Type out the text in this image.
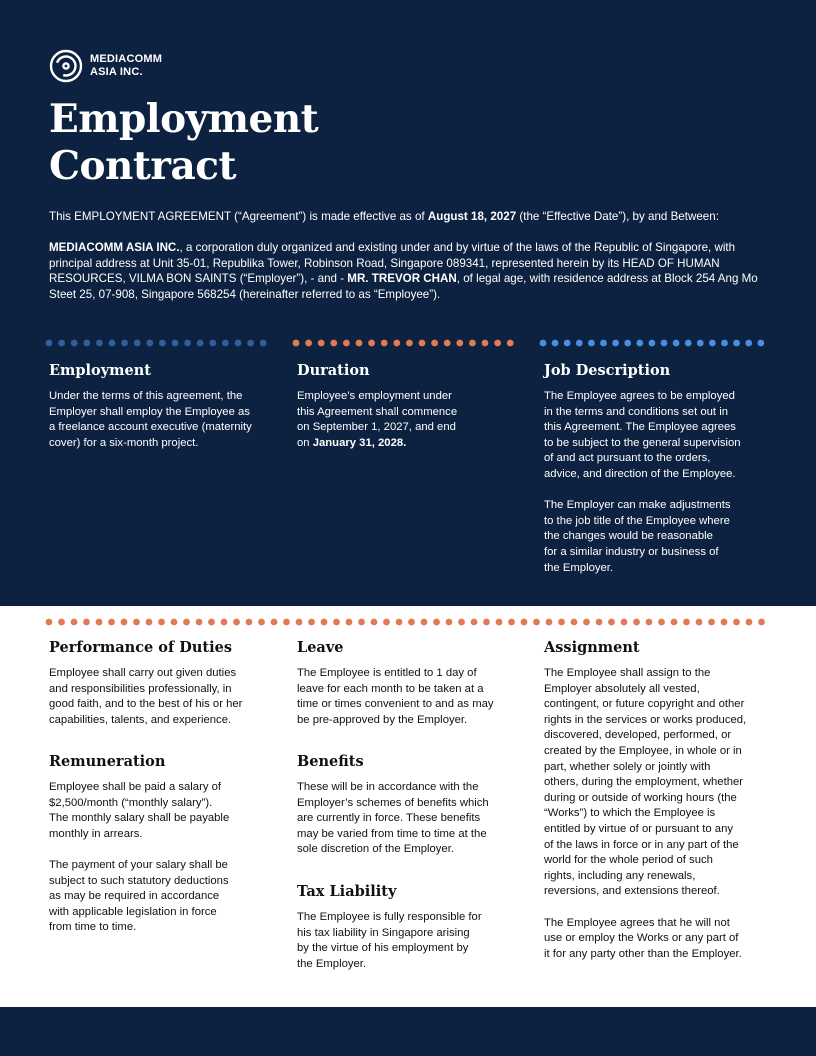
MEDIACOMM
ASIA INC.
Employment
Contract

This EMPLOYMENT AGREEMENT (“Agreement”) is made effective as of August 18, 2027 (the “Effective Date”), by and Between:

MEDIACOMM ASIA INC., a corporation duly organized and existing under and by virtue of the laws of the Republic of Singapore, with principal address at Unit 35-01, Republika Tower, Robinson Road, Singapore 089341, represented herein by its HEAD OF HUMAN RESOURCES, VILMA BON SAINTS (“Employer”), - and - MR. TREVOR CHAN, of legal age, with residence address at Block 254 Ang Mo Steet 25, 07-908, Singapore 568254 (hereinafter referred to as “Employee”).

Employment

Under the terms of this agreement, the
Employer shall employ the Employee as
a freelance account executive (maternity
cover) for a six-month project.

Duration

Employee’s employment under
this Agreement shall commence
on September 1, 2027, and end
on January 31, 2028.

Job Description

The Employee agrees to be employed
in the terms and conditions set out in
this Agreement. The Employee agrees
to be subject to the general supervision
of and act pursuant to the orders,
advice, and direction of the Employee.

The Employer can make adjustments
to the job title of the Employee where
the changes would be reasonable
for a similar industry or business of
the Employer.

Performance of Duties

Employee shall carry out given duties
and responsibilities professionally, in
good faith, and to the best of his or her
capabilities, talents, and experience.

Remuneration

Employee shall be paid a salary of
$2,500/month (“monthly salary”).
The monthly salary shall be payable
monthly in arrears.

The payment of your salary shall be
subject to such statutory deductions
as may be required in accordance
with applicable legislation in force
from time to time.

Leave

The Employee is entitled to 1 day of
leave for each month to be taken at a
time or times convenient to and as may
be pre-approved by the Employer.

Benefits

These will be in accordance with the
Employer’s schemes of benefits which
are currently in force. These benefits
may be varied from time to time at the
sole discretion of the Employer.

Tax Liability

The Employee is fully responsible for
his tax liability in Singapore arising
by the virtue of his employment by
the Employer.

Assignment

The Employee shall assign to the
Employer absolutely all vested,
contingent, or future copyright and other
rights in the services or works produced,
discovered, developed, performed, or
created by the Employee, in whole or in
part, whether solely or jointly with
others, during the employment, whether
during or outside of working hours (the
“Works”) to which the Employee is
entitled by virtue of or pursuant to any
of the laws in force or in any part of the
world for the whole period of such
rights, including any renewals,
reversions, and extensions thereof.

The Employee agrees that he will not
use or employ the Works or any part of
it for any party other than the Employer.
